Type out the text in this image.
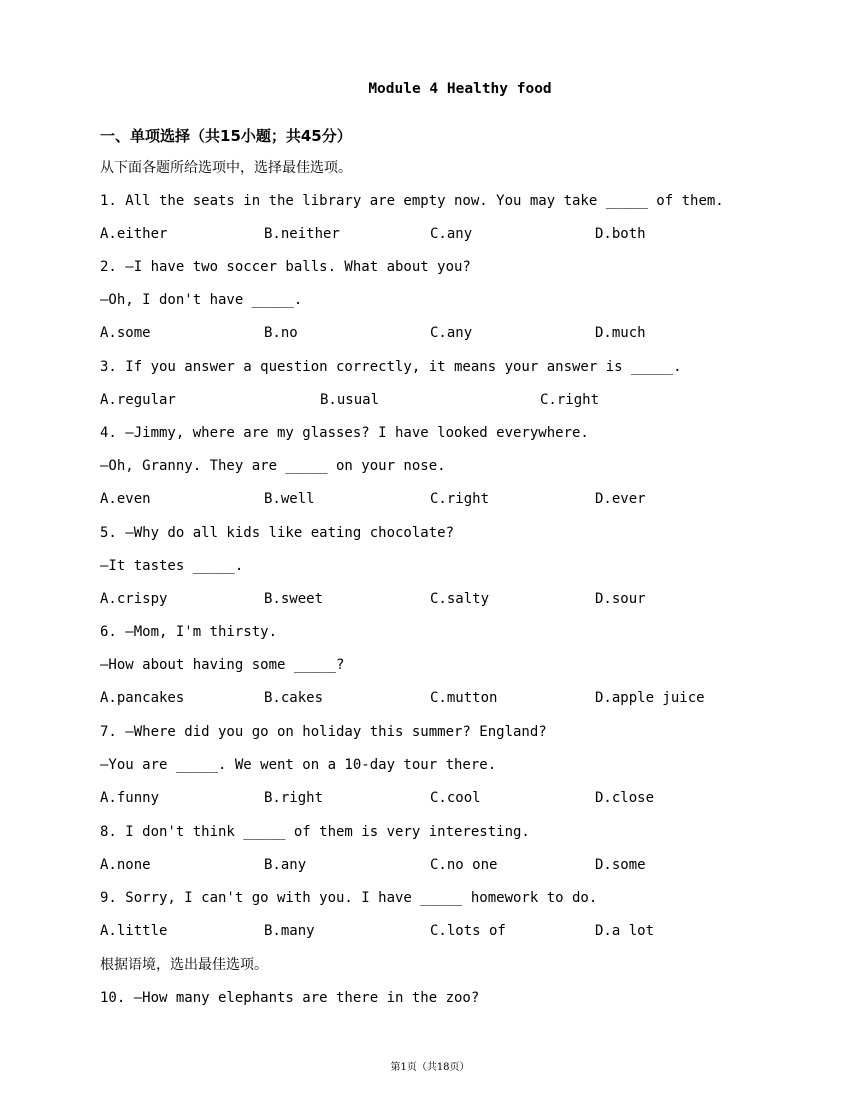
Module 4 Healthy food
一、单项选择（共15小题；共45分）
从下面各题所给选项中，选择最佳选项。
1. All the seats in the library are empty now. You may take _____ of them.
A.either	B.neither	C.any	D.both
2. —I have two soccer balls. What about you?
—Oh, I don't have _____.
A.some	B.no	C.any	D.much
3. If you answer a question correctly, it means your answer is _____.
A.regular	B.usual	C.right
4. —Jimmy, where are my glasses? I have looked everywhere.
—Oh, Granny. They are _____ on your nose.
A.even	B.well	C.right	D.ever
5. —Why do all kids like eating chocolate?
—It tastes _____.
A.crispy	B.sweet	C.salty	D.sour
6. —Mom, I'm thirsty.
—How about having some _____?
A.pancakes	B.cakes	C.mutton	D.apple juice
7. —Where did you go on holiday this summer? England?
—You are _____. We went on a 10-day tour there.
A.funny	B.right	C.cool	D.close
8. I don't think _____ of them is very interesting.
A.none	B.any	C.no one	D.some
9. Sorry, I can't go with you. I have _____ homework to do.
A.little	B.many	C.lots of	D.a lot
根据语境，选出最佳选项。
10. —How many elephants are there in the zoo?
第1页（共18页）
